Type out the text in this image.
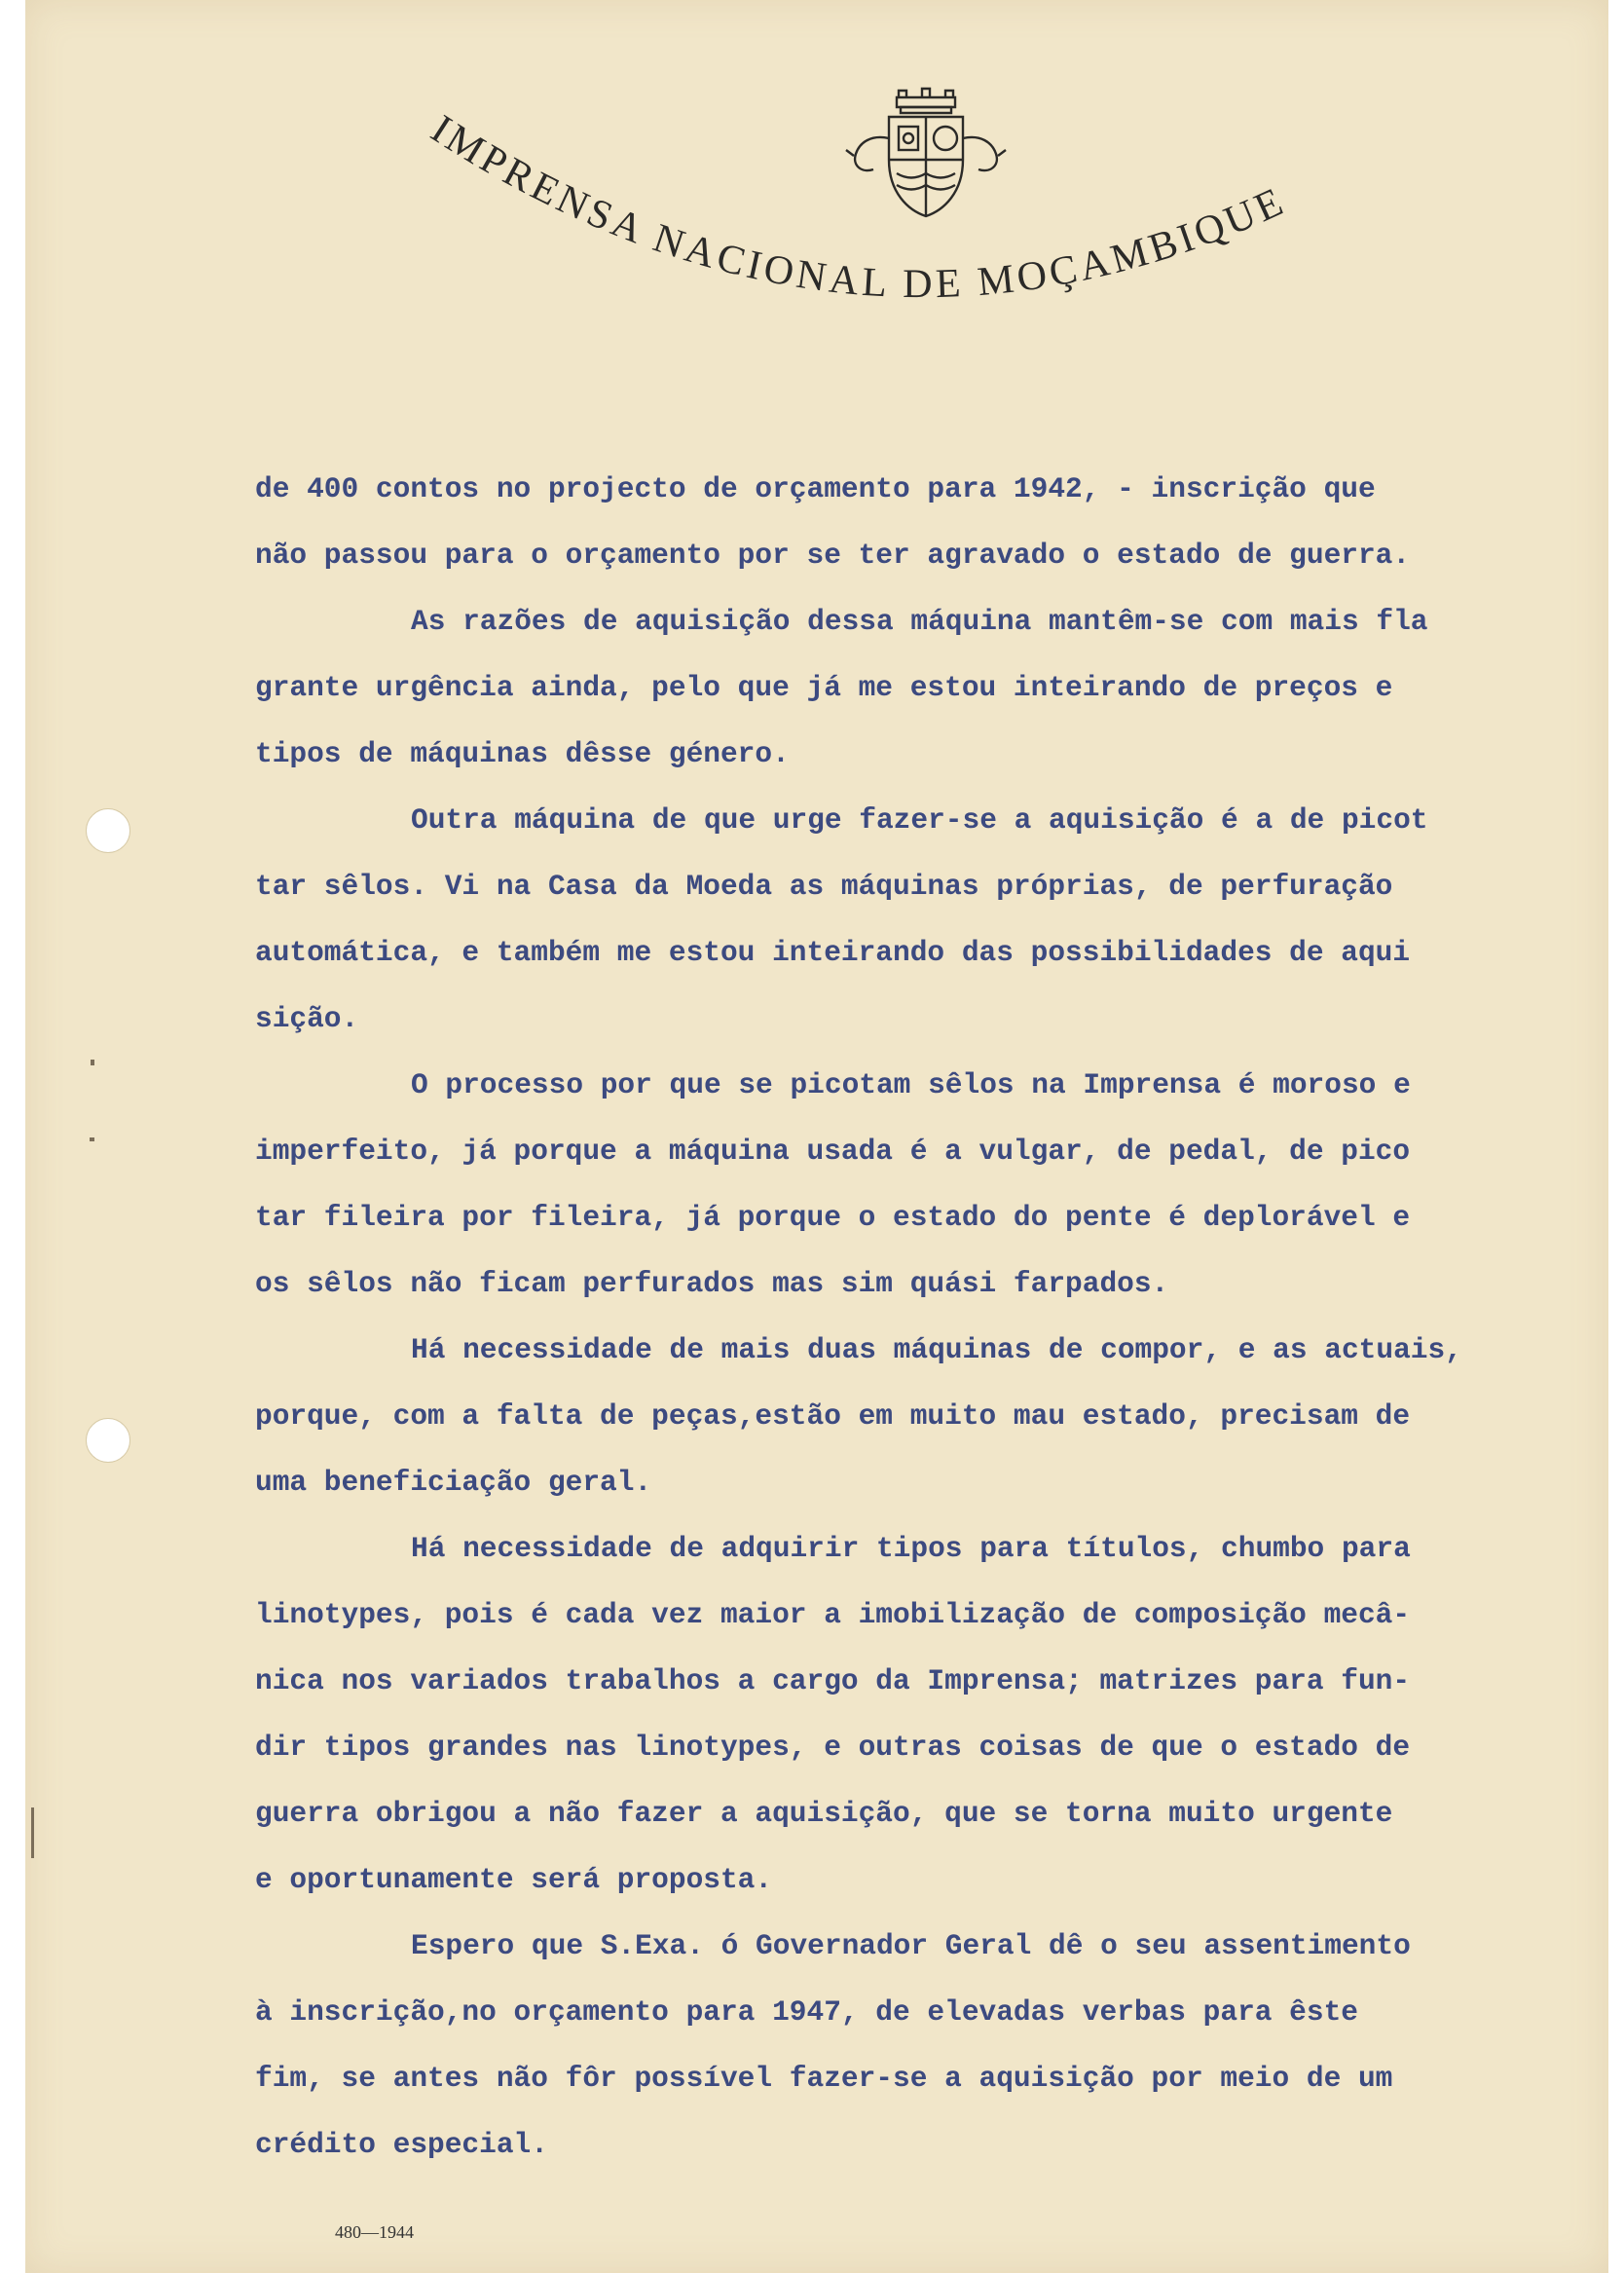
IMPRENSA NACIONAL DE MOÇAMBIQUE

de 400 contos no projecto de orçamento para 1942, - inscrição que

não passou para o orçamento por se ter agravado o estado de guerra.

As razões de aquisição dessa máquina mantêm-se com mais fla

grante urgência ainda, pelo que já me estou inteirando de preços e

tipos de máquinas dêsse género.

Outra máquina de que urge fazer-se a aquisição é a de picot

tar sêlos. Vi na Casa da Moeda as máquinas próprias, de perfuração

automática, e também me estou inteirando das possibilidades de aqui

sição.

O processo por que se picotam sêlos na Imprensa é moroso e

imperfeito, já porque a máquina usada é a vulgar, de pedal, de pico

tar fileira por fileira, já porque o estado do pente é deplorável e

os sêlos não ficam perfurados mas sim quási farpados.

Há necessidade de mais duas máquinas de compor, e as actuais,

porque, com a falta de peças,estão em muito mau estado, precisam de

uma beneficiação geral.

Há necessidade de adquirir tipos para títulos, chumbo para

linotypes, pois é cada vez maior a imobilização de composição mecâ-

nica nos variados trabalhos a cargo da Imprensa; matrizes para fun-

dir tipos grandes nas linotypes, e outras coisas de que o estado de

guerra obrigou a não fazer a aquisição, que se torna muito urgente

e oportunamente será proposta.

Espero que S.Exa. ó Governador Geral dê o seu assentimento

à inscrição,no orçamento para 1947, de elevadas verbas para êste

fim, se antes não fôr possível fazer-se a aquisição por meio de um

crédito especial.

480—1944
